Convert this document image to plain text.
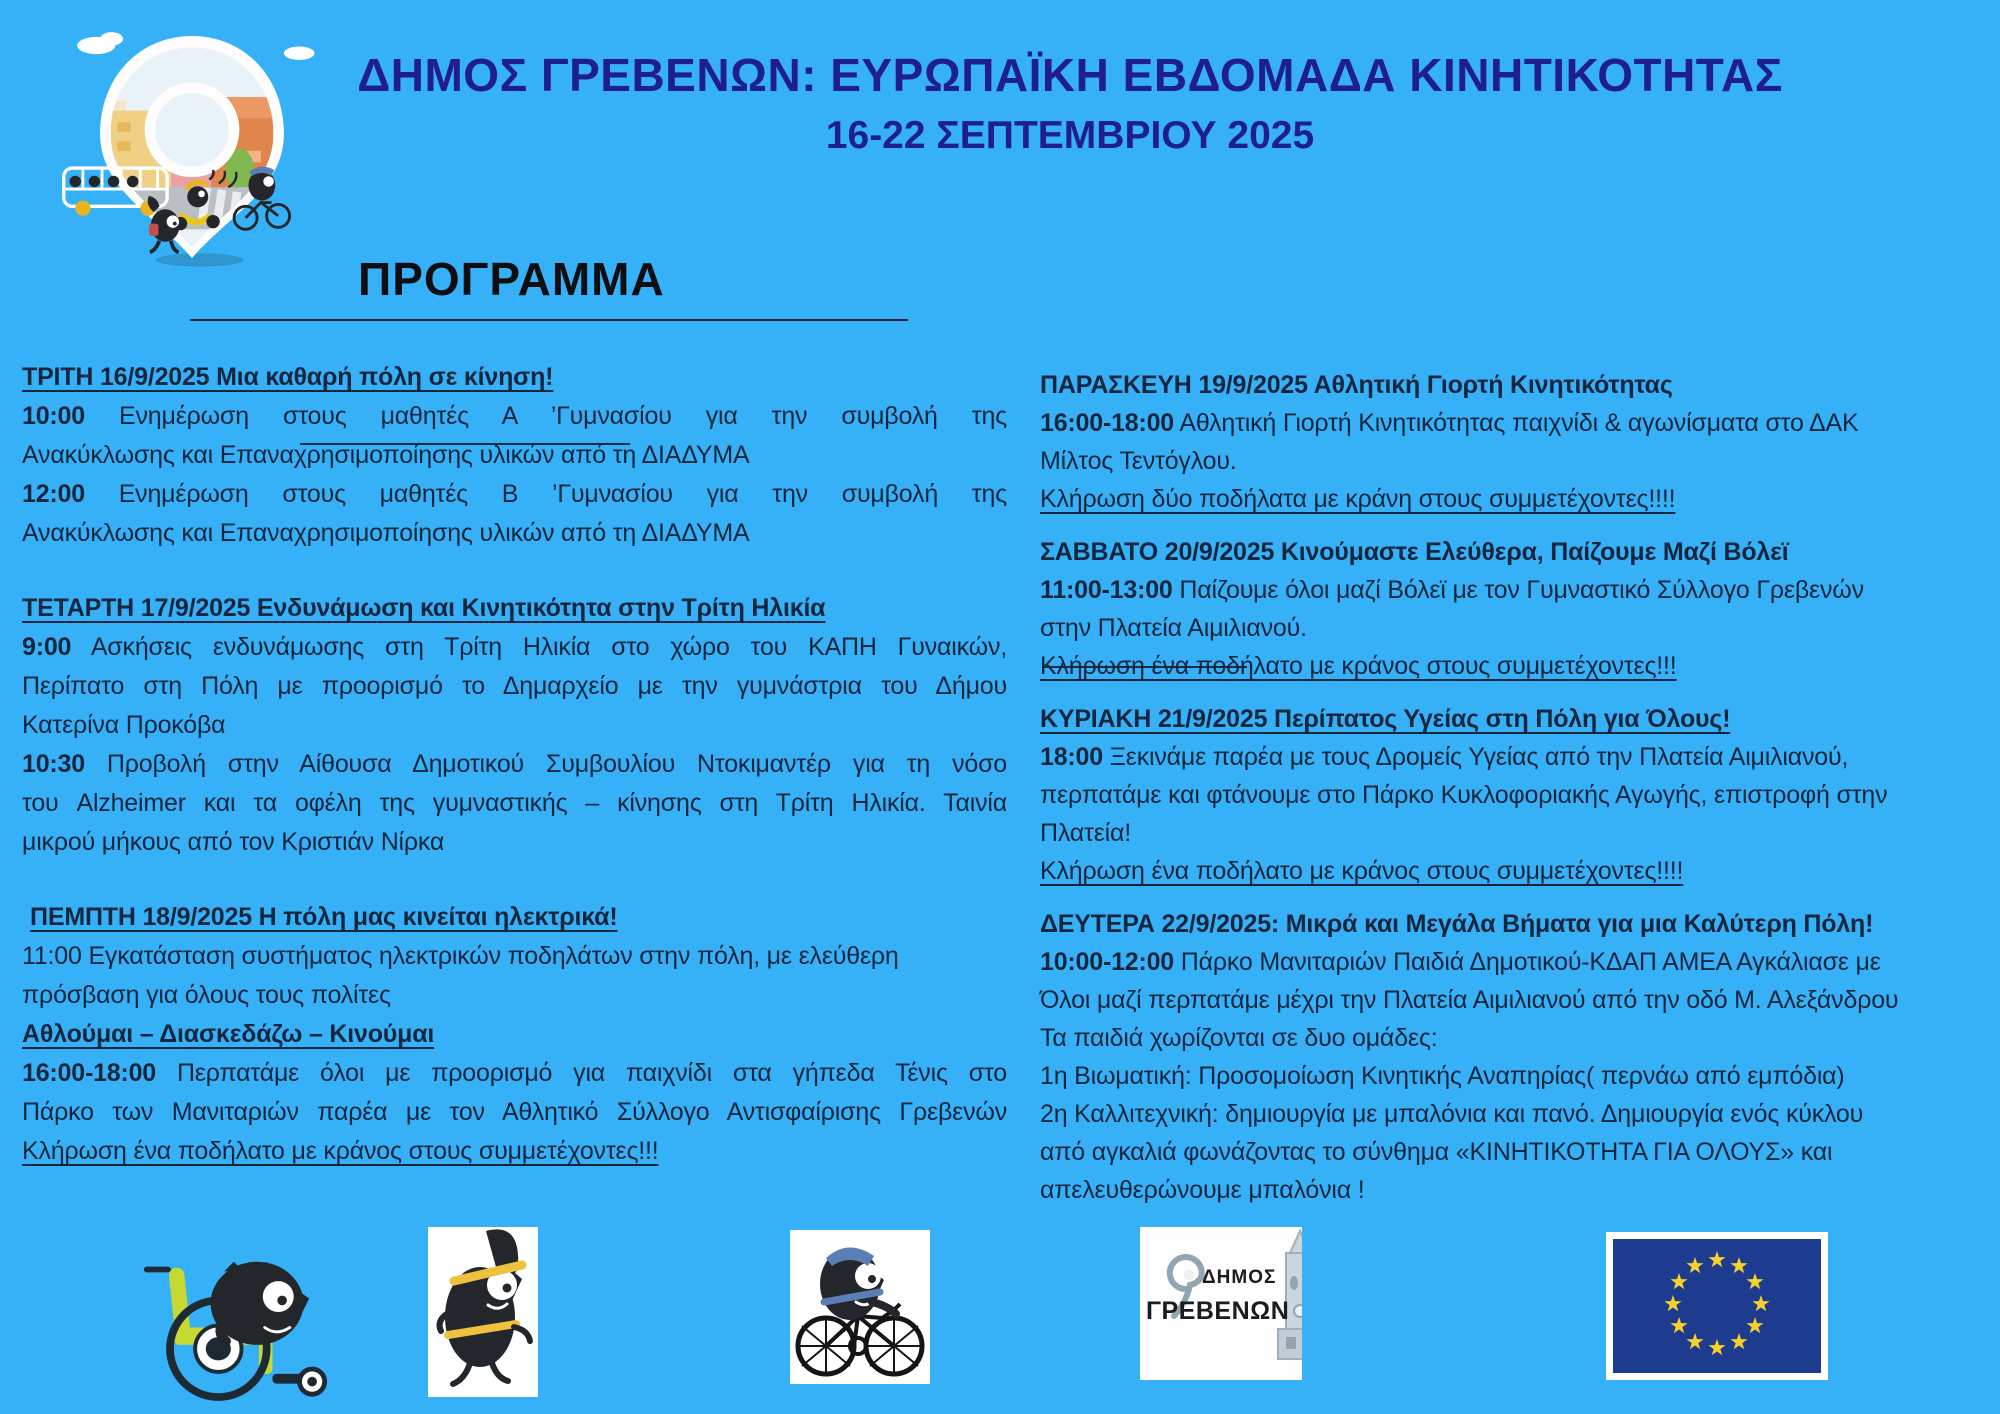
ΔΗΜΟΣ ΓΡΕΒΕΝΩΝ: ΕΥΡΩΠΑΪΚΗ ΕΒΔΟΜΑΔΑ ΚΙΝΗΤΙΚΟΤΗΤΑΣ
16-22 ΣΕΠΤΕΜΒΡΙΟΥ 2025
ΠΡΟΓΡΑΜΜΑ
ΤΡΙΤΗ 16/9/2025 Μια καθαρή πόλη σε κίνηση!
10:00 Ενημέρωση στους μαθητές Α ’Γυμνασίου για την συμβολή της
Ανακύκλωσης και Επαναχρησιμοποίησης υλικών από τη ΔΙΑΔΥΜΑ
12:00 Ενημέρωση στους μαθητές Β ’Γυμνασίου για την συμβολή της
Ανακύκλωσης και Επαναχρησιμοποίησης υλικών από τη ΔΙΑΔΥΜΑ
ΤΕΤΑΡΤΗ 17/9/2025 Ενδυνάμωση και Κινητικότητα στην Τρίτη Ηλικία
9:00 Ασκήσεις ενδυνάμωσης στη Τρίτη Ηλικία στο χώρο του ΚΑΠΗ Γυναικών,
Περίπατο στη Πόλη με προορισμό το Δημαρχείο με την γυμνάστρια του Δήμου
Κατερίνα Προκόβα
10:30 Προβολή στην Αίθουσα Δημοτικού Συμβουλίου Ντοκιμαντέρ για τη νόσο
του Alzheimer και τα οφέλη της γυμναστικής – κίνησης στη Τρίτη Ηλικία. Ταινία
μικρού μήκους από τον Κριστιάν Νίρκα
ΠΕΜΠΤΗ 18/9/2025 Η πόλη μας κινείται ηλεκτρικά!
11:00 Εγκατάσταση συστήματος ηλεκτρικών ποδηλάτων στην πόλη, με ελεύθερη
πρόσβαση για όλους τους πολίτες
Αθλούμαι – Διασκεδάζω – Κινούμαι
16:00-18:00 Περπατάμε όλοι με προορισμό για παιχνίδι στα γήπεδα Τένις στο
Πάρκο των Μανιταριών παρέα με τον Αθλητικό Σύλλογο Αντισφαίρισης Γρεβενών
Κλήρωση ένα ποδήλατο με κράνος στους συμμετέχοντες!!!
ΠΑΡΑΣΚΕΥΗ 19/9/2025 Αθλητική Γιορτή Κινητικότητας
16:00-18:00 Αθλητική Γιορτή Κινητικότητας παιχνίδι & αγωνίσματα στο ΔΑΚ
Μίλτος Τεντόγλου.
Κλήρωση δύο ποδήλατα με κράνη στους συμμετέχοντες!!!!
ΣΑΒΒΑΤΟ 20/9/2025 Κινούμαστε Ελεύθερα, Παίζουμε Μαζί Βόλεϊ
11:00-13:00 Παίζουμε όλοι μαζί Βόλεϊ με τον Γυμναστικό Σύλλογο Γρεβενών
στην Πλατεία Αιμιλιανού.
Κλήρωση ένα ποδήλατο με κράνος στους συμμετέχοντες!!!
ΚΥΡΙΑΚΗ 21/9/2025 Περίπατος Υγείας στη Πόλη για Όλους!
18:00 Ξεκινάμε παρέα με τους Δρομείς Υγείας από την Πλατεία Αιμιλιανού,
περπατάμε και φτάνουμε στο Πάρκο Κυκλοφοριακής Αγωγής, επιστροφή στην
Πλατεία!
Κλήρωση ένα ποδήλατο με κράνος στους συμμετέχοντες!!!!
ΔΕΥΤΕΡΑ 22/9/2025: Μικρά και Μεγάλα Βήματα για μια Καλύτερη Πόλη!
10:00-12:00 Πάρκο Μανιταριών Παιδιά Δημοτικού-ΚΔΑΠ ΑΜΕΑ Αγκάλιασε με
Όλοι μαζί περπατάμε μέχρι την Πλατεία Αιμιλιανού από την οδό Μ. Αλεξάνδρου
Τα παιδιά χωρίζονται σε δυο ομάδες:
1η Βιωματική: Προσομοίωση Κινητικής Αναπηρίας( περνάω από εμπόδια)
2η Καλλιτεχνική: δημιουργία με μπαλόνια και πανό. Δημιουργία ενός κύκλου
από αγκαλιά φωνάζοντας το σύνθημα «ΚΙΝΗΤΙΚΟΤΗΤΑ ΓΙΑ ΟΛΟΥΣ» και
απελευθερώνουμε μπαλόνια !
ΔΗΜΟΣ
ΓΡΕΒΕΝΩΝ
